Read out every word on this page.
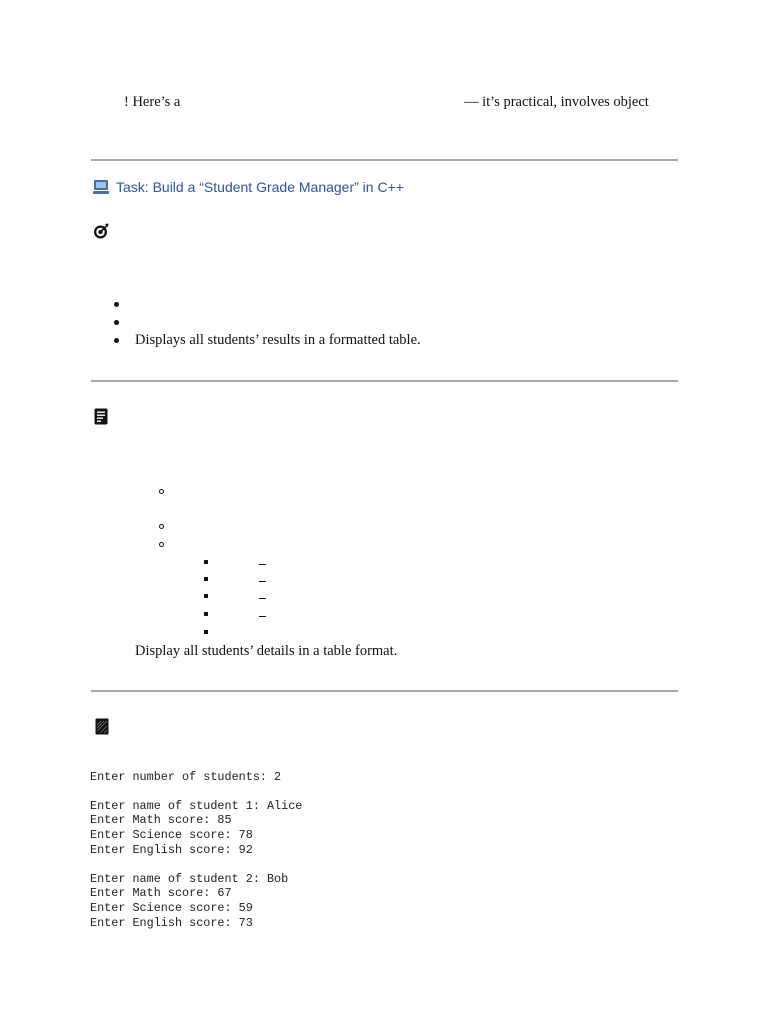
! Here’s a	— it’s practical, involves object
Task: Build a “Student Grade Manager” in C++
Displays all students’ results in a formatted table.
Display all students’ details in a table format.

Enter number of students: 2

Enter name of student 1: Alice
Enter Math score: 85
Enter Science score: 78
Enter English score: 92

Enter name of student 2: Bob
Enter Math score: 67
Enter Science score: 59
Enter English score: 73
